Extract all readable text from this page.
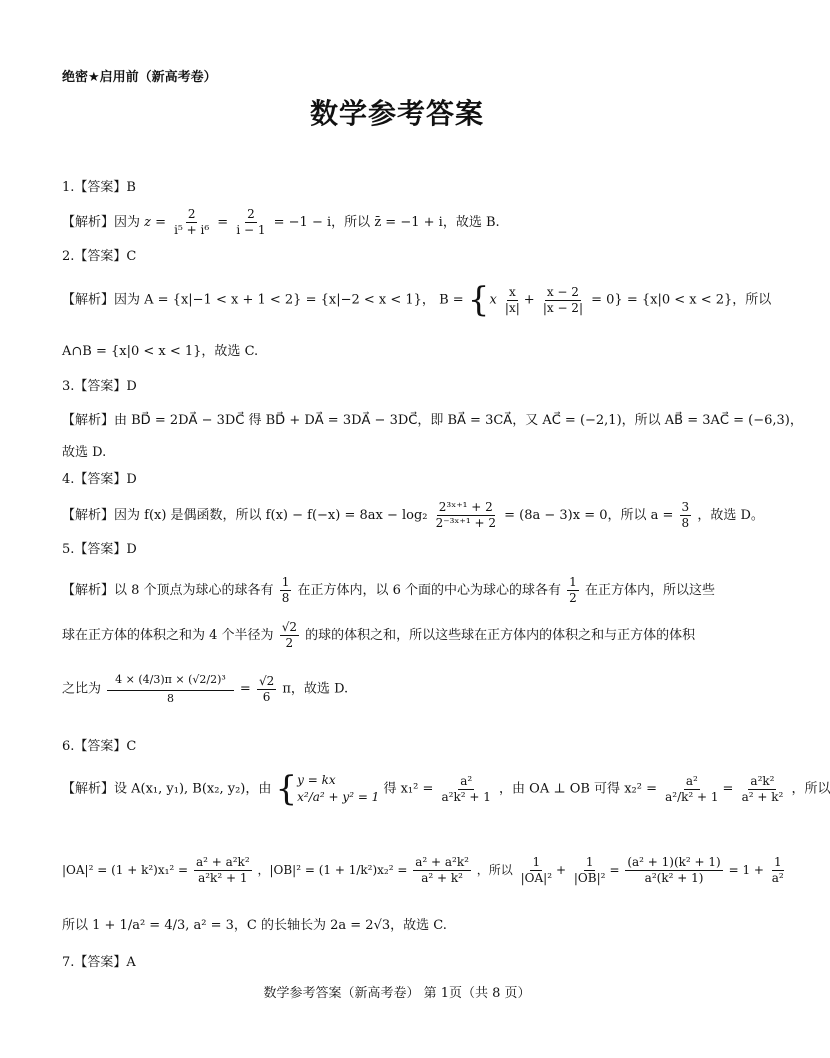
绝密★启用前（新高考卷）
数学参考答案
1.【答案】B
【解析】因为 $z = \frac{2}{\text{i⁵ + i⁶}} = \frac{2}{i - 1} = -1 - i$，所以 z̄ = −1 + i，故选 B.
2.【答案】C
【解析】因为 A = {x|−1 < x + 1 < 2} = {x|−2 < x < 1}， $B = \{x \frac{x}{|x|} + \frac{x - 2}{|x - 2|} = 0\} = \{x|0 < x < 2\}$，所以
A∩B = {x|0 < x < 1}，故选 C.
3.【答案】D
【解析】由 BD⃗ = 2DA⃗ − 3DC⃗ 得 BD⃗ + DA⃗ = 3DA⃗ − 3DC⃗，即 BA⃗ = 3CA⃗，又 AC⃗ = (−2,1)，所以 AB⃗ = 3AC⃗ = (−6,3)，
故选 D.
4.【答案】D
【解析】因为 f(x) 是偶函数，所以 $f(x) - f(-x) = 8ax - \log_2 \frac{\text{2³ˣ⁺¹ + 2}}{\text{2⁻³ˣ⁺¹ + 2}} = (8a - 3)x = 0$，所以 $a = \frac{3}{8}$ ，故选 D。
5.【答案】D
【解析】以 8 个顶点为球心的球各有 $\frac{1}{8}$ 在正方体内，以 6 个面的中心为球心的球各有 $\frac{1}{2}$ 在正方体内，所以这些
球在正方体的体积之和为 4 个半径为 $\frac{√2}{2}$ 的球的体积之和，所以这些球在正方体内的体积之和与正方体的体积
之比为 $\frac{\text{4 × (4/3)π × (√2/2)³}}{8} = \frac{√2}{6}$ π，故选 D.
6.【答案】C
【解析】设 A(x₁, y₁), B(x₂, y₂)，由 { y = kx
x²/a² + y² = 1
得 $x_1^2 = \frac{\text{a²}}{\text{a²k² + 1}}$ ，由 OA ⊥ OB 可得 $x_2^2 = \frac{\text{a²}}{\text{a²/k² + 1}} = \frac{\text{a²k²}}{\text{a² + k²}}$ ，所以
$|OA|^2 = (1 + k^2)x_1^2 = \frac{\text{a² + a²k²}}{\text{a²k² + 1}}$ ，$|OB|^2 = (1 + 1/k^2)x_2^2 = \frac{\text{a² + a²k²}}{\text{a² + k²}}$ ，所以 $\frac{1}{\text{|OA|²}} + \frac{1}{\text{|OB|²}} = \frac{\text{(a² + 1)(k² + 1)}}{\text{a²(k² + 1)}} = 1 + \frac{1}{\text{a²}}$
所以 1 + 1/a² = 4/3, a² = 3，C 的长轴长为 2a = 2√3，故选 C.
7.【答案】A
数学参考答案（新高考卷） 第 1页（共 8 页）
